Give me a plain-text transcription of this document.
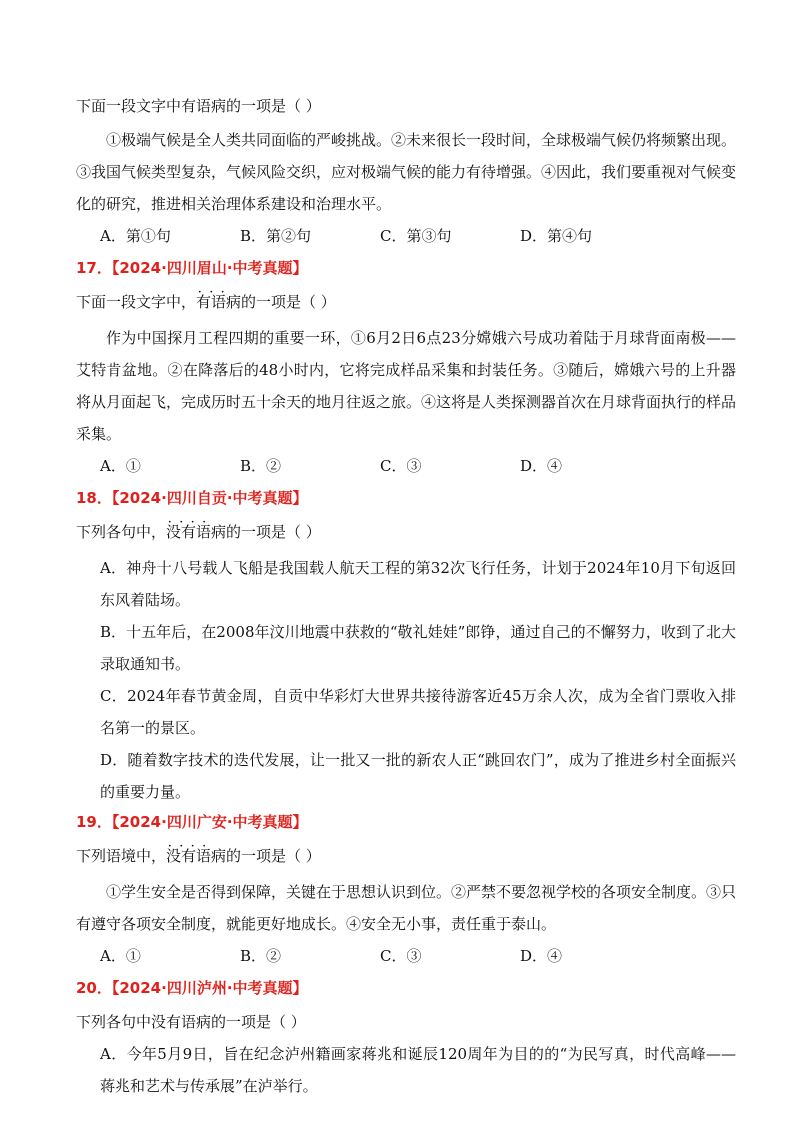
下面一段文字中有语病的一项是（ ）

①极端气候是全人类共同面临的严峻挑战。②未来很长一段时间，全球极端气候仍将频繁出现。③我国气候类型复杂，气候风险交织，应对极端气候的能力有待增强。④因此，我们要重视对气候变化的研究，推进相关治理体系建设和治理水平。

A．第①句	B．第②句	C．第③句	D．第④句
17．【2024·四川眉山·中考真题】
下面一段文字中，• • • 有语病的一项是（ ）

作为中国探月工程四期的重要一环，①6月2日6点23分嫦娥六号成功着陆于月球背面南极——艾特肯盆地。②在降落后的48小时内，它将完成样品采集和封装任务。③随后，嫦娥六号的上升器将从月面起飞，完成历时五十余天的地月往返之旅。④这将是人类探测器首次在月球背面执行的样品采集。

A．①	B．②	C．③	D．④
18．【2024·四川自贡·中考真题】
下列各句中，• • • • 没有语病的一项是（ ）

A．神舟十八号载人飞船是我国载人航天工程的第32次飞行任务，计划于2024年10月下旬返回东风着陆场。

B．十五年后，在2008年汶川地震中获救的“敬礼娃娃”郎铮，通过自己的不懈努力，收到了北大录取通知书。

C．2024年春节黄金周，自贡中华彩灯大世界共接待游客近45万余人次，成为全省门票收入排名第一的景区。

D．随着数字技术的迭代发展，让一批又一批的新农人正“跳回农门”，成为了推进乡村全面振兴的重要力量。

19．【2024·四川广安·中考真题】
下列语境中，• • • • 没有语病的一项是（ ）

①学生安全是否得到保障，关键在于思想认识到位。②严禁不要忽视学校的各项安全制度。③只有遵守各项安全制度，就能更好地成长。④安全无小事，责任重于泰山。

A．①	B．②	C．③	D．④
20．【2024·四川泸州·中考真题】
下列各句中没有语病的一项是（ ）

A．今年5月9日，旨在纪念泸州籍画家蒋兆和诞辰120周年为目的的“为民写真，时代高峰——蒋兆和艺术与传承展”在泸举行。
